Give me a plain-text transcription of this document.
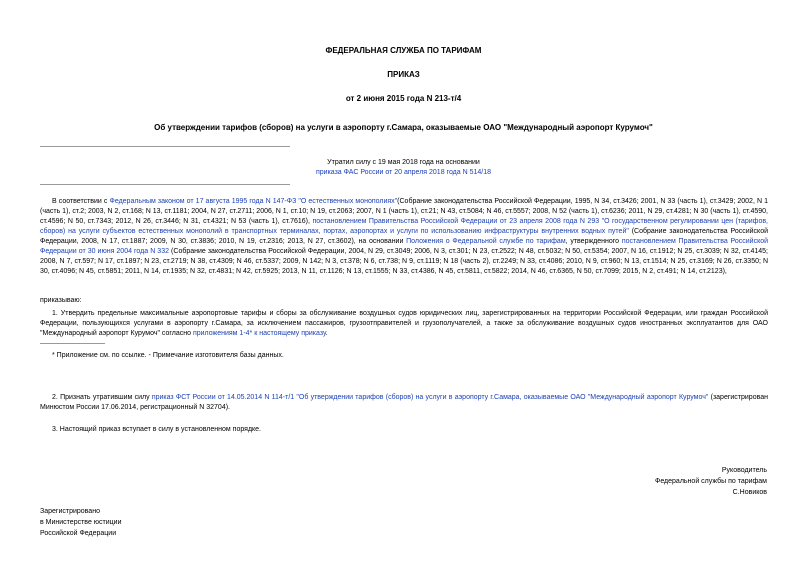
ФЕДЕРАЛЬНАЯ СЛУЖБА ПО ТАРИФАМ
ПРИКАЗ
от 2 июня 2015 года N 213-т/4
Об утверждении тарифов (сборов) на услуги в аэропорту г.Самара, оказываемые ОАО "Международный аэропорт Курумоч"
Утратил силу с 19 мая 2018 года на основании
приказа ФАС России от 20 апреля 2018 года N 514/18
В соответствии с Федеральным законом от 17 августа 1995 года N 147-ФЗ "О естественных монополиях"(Собрание законодательства Российской Федерации, 1995, N 34, ст.3426; 2001, N 33 (часть 1), ст.3429; 2002, N 1 (часть 1), ст.2; 2003, N 2, ст.168; N 13, ст.1181; 2004, N 27, ст.2711; 2006, N 1, ст.10; N 19, ст.2063; 2007, N 1 (часть 1), ст.21; N 43, ст.5084; N 46, ст.5557; 2008, N 52 (часть 1), ст.6236; 2011, N 29, ст.4281; N 30 (часть 1), ст.4590, ст.4596; N 50, ст.7343; 2012, N 26, ст.3446; N 31, ст.4321; N 53 (часть 1), ст.7616), постановлением Правительства Российской Федерации от 23 апреля 2008 года N 293 "О государственном регулировании цен (тарифов, сборов) на услуги субъектов естественных монополий в транспортных терминалах, портах, аэропортах и услуги по использованию инфраструктуры внутренних водных путей" (Собрание законодательства Российской Федерации, 2008, N 17, ст.1887; 2009, N 30, ст.3836; 2010, N 19, ст.2316; 2013, N 27, ст.3602), на основании Положения о Федеральной службе по тарифам, утвержденного постановлением Правительства Российской Федерации от 30 июня 2004 года N 332 (Собрание законодательства Российской Федерации, 2004, N 29, ст.3049; 2006, N 3, ст.301; N 23, ст.2522; N 48, ст.5032; N 50, ст.5354; 2007, N 16, ст.1912; N 25, ст.3039; N 32, ст.4145; 2008, N 7, ст.597; N 17, ст.1897; N 23, ст.2719; N 38, ст.4309; N 46, ст.5337; 2009, N 142; N 3, ст.378; N 6, ст.738; N 9, ст.1119; N 18 (часть 2), ст.2249; N 33, ст.4086; 2010, N 9, ст.960; N 13, ст.1514; N 25, ст.3169; N 26, ст.3350; N 30, ст.4096; N 45, ст.5851; 2011, N 14, ст.1935; N 32, ст.4831; N 42, ст.5925; 2013, N 11, ст.1126; N 13, ст.1555; N 33, ст.4386, N 45, ст.5811, ст.5822; 2014, N 46, ст.6365, N 50, ст.7099; 2015, N 2, ст.491; N 14, ст.2123),
приказываю:
1. Утвердить предельные максимальные аэропортовые тарифы и сборы за обслуживание воздушных судов юридических лиц, зарегистрированных на территории Российской Федерации, или граждан Российской Федерации, пользующихся услугами в аэропорту г.Самара, за исключением пассажиров, грузоотправителей и грузополучателей, а также за обслуживание воздушных судов иностранных эксплуатантов для ОАО "Международный аэропорт Курумоч" согласно приложениям 1-4* к настоящему приказу.
* Приложение см. по ссылке. - Примечание изготовителя базы данных.
2. Признать утратившим силу приказ ФСТ России от 14.05.2014 N 114-т/1 "Об утверждении тарифов (сборов) на услуги в аэропорту г.Самара, оказываемые ОАО "Международный аэропорт Курумоч" (зарегистрирован Минюстом России 17.06.2014, регистрационный N 32704).
3. Настоящий приказ вступает в силу в установленном порядке.
Руководитель
Федеральной службы по тарифам
С.Новиков
Зарегистрировано
в Министерстве юстиции
Российской Федерации
